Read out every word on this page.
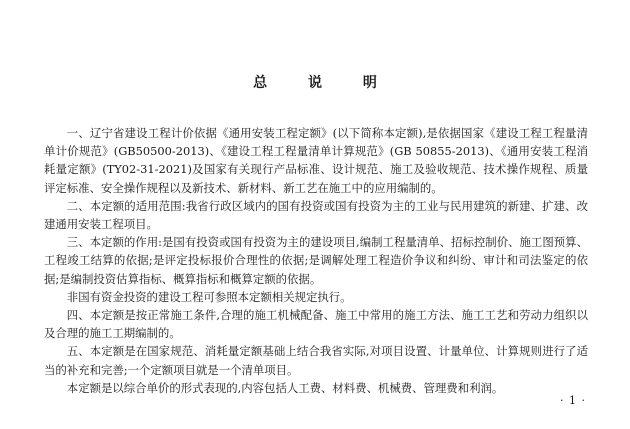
总 说 明

一、辽宁省建设工程计价依据《通用安装工程定额》(以下简称本定额),是依据国家《建设工程工程量清单计价规范》(GB50500-2013)、《建设工程工程量清单计算规范》(GB 50855-2013)、《通用安装工程消耗量定额》(TY02-31-2021)及国家有关现行产品标准、设计规范、施工及验收规范、技术操作规程、质量评定标准、安全操作规程以及新技术、新材料、新工艺在施工中的应用编制的。

二、本定额的适用范围:我省行政区域内的国有投资或国有投资为主的工业与民用建筑的新建、扩建、改建通用安装工程项目。

三、本定额的作用:是国有投资或国有投资为主的建设项目,编制工程量清单、招标控制价、施工图预算、工程竣工结算的依据;是评定投标报价合理性的依据;是调解处理工程造价争议和纠纷、审计和司法鉴定的依据;是编制投资估算指标、概算指标和概算定额的依据。

非国有资金投资的建设工程可参照本定额相关规定执行。

四、本定额是按正常施工条件,合理的施工机械配备、施工中常用的施工方法、施工工艺和劳动力组织以及合理的施工工期编制的。

五、本定额是在国家规范、消耗量定额基础上结合我省实际,对项目设置、计量单位、计算规则进行了适当的补充和完善;一个定额项目就是一个清单项目。

本定额是以综合单价的形式表现的,内容包括人工费、材料费、机械费、管理费和利润。

· 1 ·
